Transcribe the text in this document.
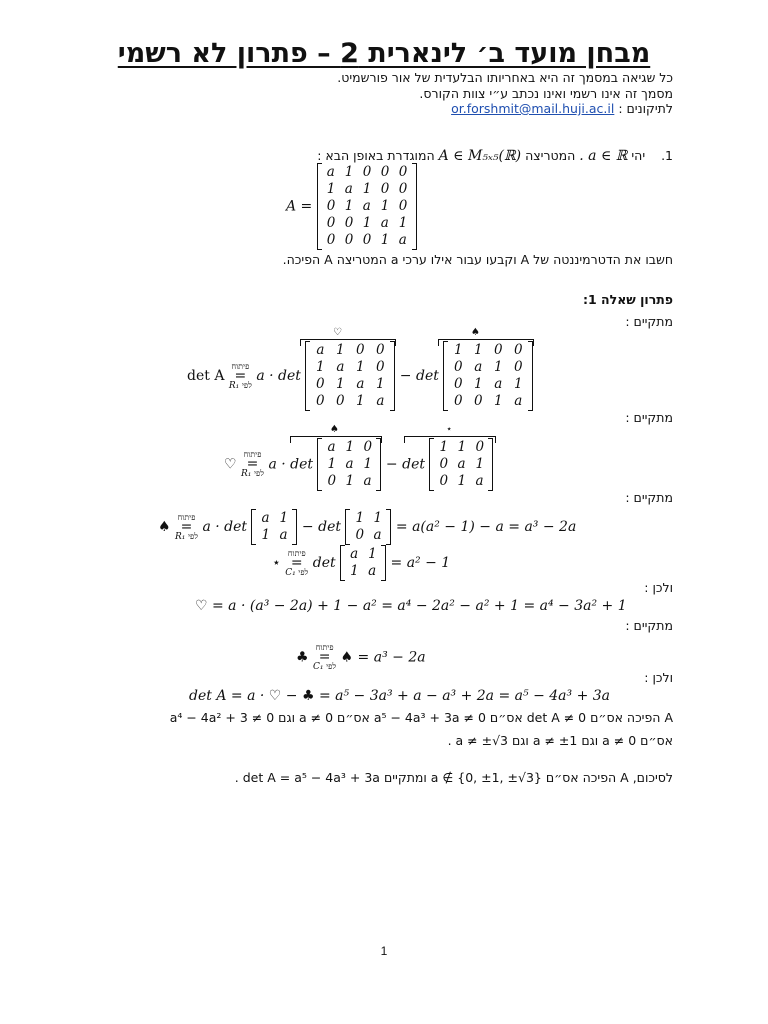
מבחן מועד ב׳ לינארית 2 – פתרון לא רשמי
כל שגיאה במסמך זה היא באחריותו הבלעדית של אור פורשמיט.
מסמך זה אינו רשמי ואינו נכתב ע״י צוות הקורס.
לתיקונים : or.forshmit@mail.huji.ac.il
1.    יהי a ∈ ℝ . המטריצה A ∈ M₅ₓ₅(ℝ) המוגדרת באופן הבא :
A =
a 1 0 0 0
1 a 1 0 0
0 1 a 1 0
0 0 1 a 1
0 0 0 1 a
חשבו את הדטרמיננטה של A וקבעו עבור אילו ערכי a המטריצה A הפיכה.
פתרון שאלה 1:
מתקיים :
det A פיתוח
=
R₁ לפי a · det
a 1 0 0
1 a 1 0
0 1 a 1
0 0 1 a
− det
1 1 0 0
0 a 1 0
0 1 a 1
0 0 1 a
♡	♠
מתקיים :
♡ פיתוח
=
R₁ לפי a · det
a 1 0
1 a 1
0 1 a
− det
1 1 0
0 a 1
0 1 a
♠	⋆
מתקיים :
♠ פיתוח
=
R₁ לפי a · det
a 1
1 a	− det
1 1
0 a	= a(a² − 1) − a = a³ − 2a
⋆ פיתוח
=
C₁ לפי det
a 1
1 a	= a² − 1
ולכן :
♡ = a · (a³ − 2a) + 1 − a² = a⁴ − 2a² − a² + 1 = a⁴ − 3a² + 1
מתקיים :
♣ פיתוח
=
C₁ לפי ♠ = a³ − 2a
ולכן :
det A = a · ♡ − ♣ = a⁵ − 3a³ + a − a³ + 2a = a⁵ − 4a³ + 3a
A הפיכה אס״ם det A ≠ 0 אס״ם a⁵ − 4a³ + 3a ≠ 0 אס״ם a ≠ 0 וגם a⁴ − 4a² + 3 ≠ 0
אס״ם a ≠ 0 וגם a ≠ ±1 וגם a ≠ ±√3 .
לסיכום, A הפיכה אס״ם a ∉ {0, ±1, ±√3} ומתקיים det A = a⁵ − 4a³ + 3a .
1
